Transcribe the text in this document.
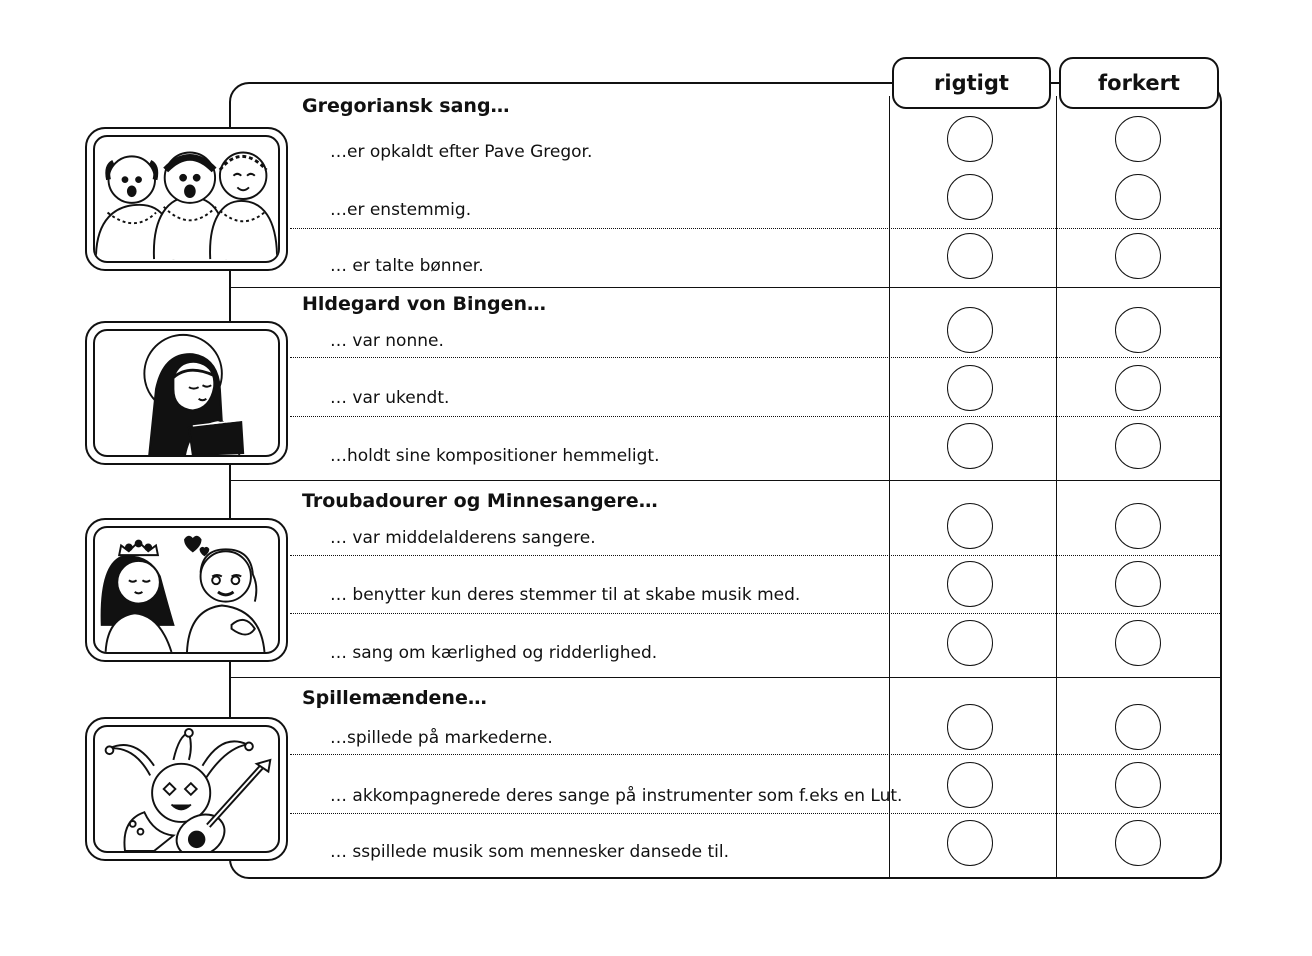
rigtigt	forkert
Gregoriansk sang…
…er opkaldt efter Pave Gregor.
…er enstemmig.
… er talte bønner.
Hldegard von Bingen…
… var nonne.
… var ukendt.
…holdt sine kompositioner hemmeligt.
Troubadourer og Minnesangere…
… var middelalderens sangere.
… benytter kun deres stemmer til at skabe musik med.
… sang om kærlighed og ridderlighed.
Spillemændene…
…spillede på markederne.
… akkompagnerede deres sange på instrumenter som f.eks en Lut.
… sspillede musik som mennesker dansede til.
